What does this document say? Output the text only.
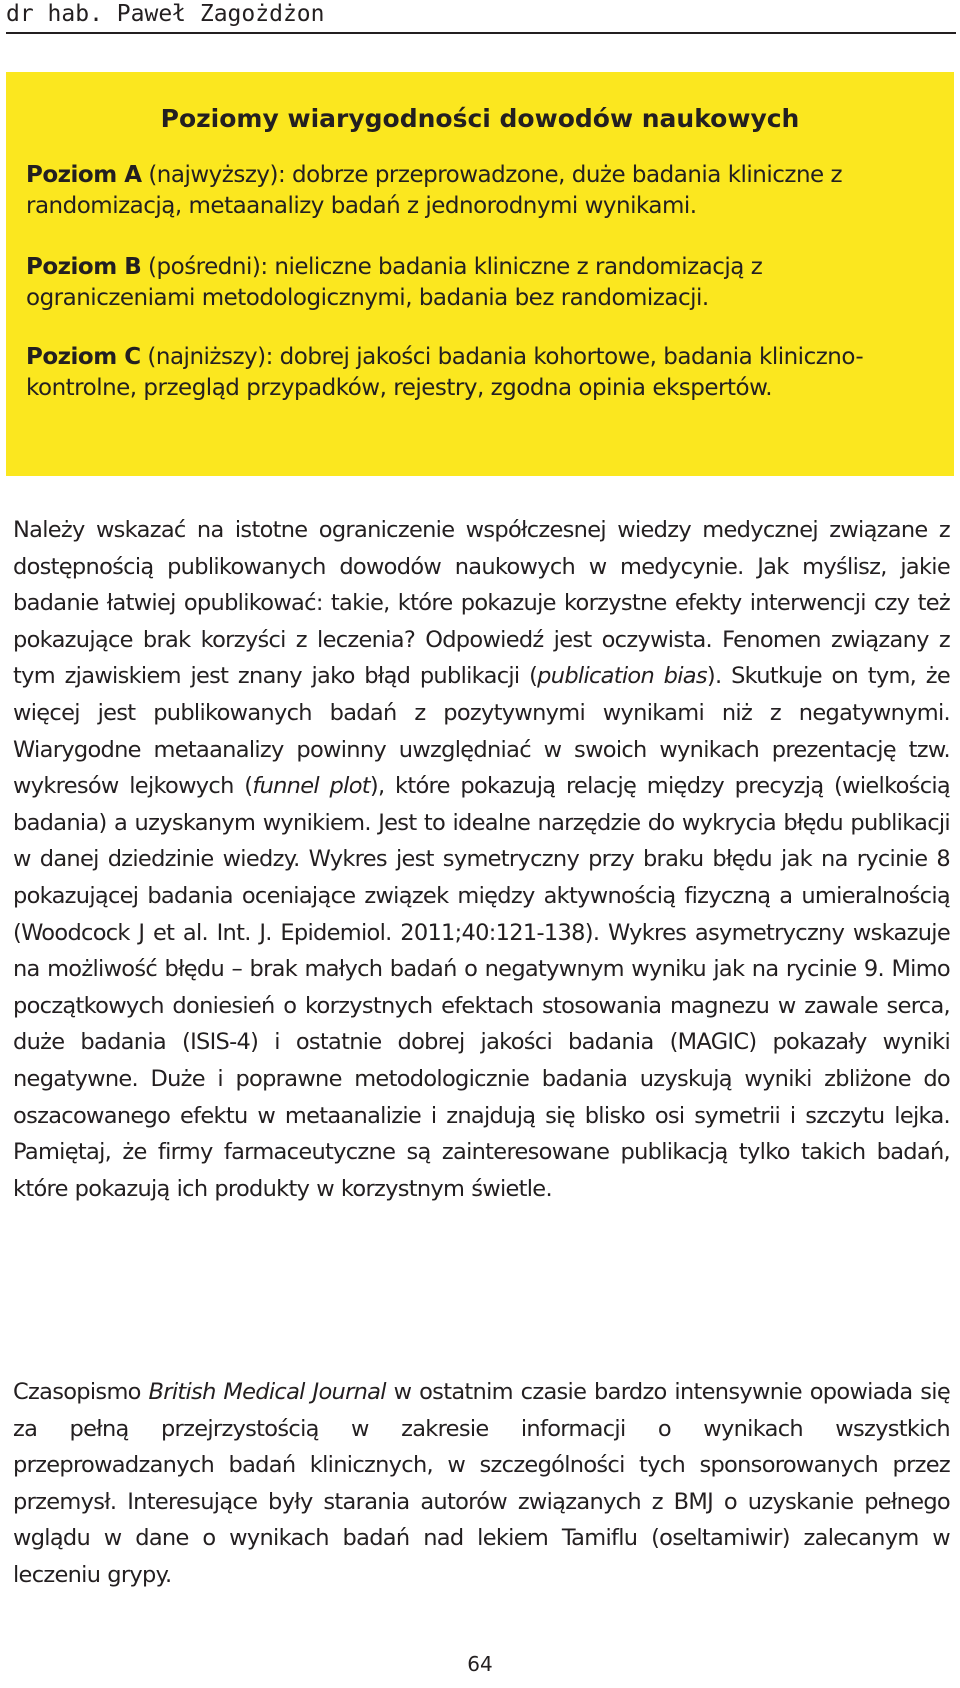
dr hab. Paweł Zagożdżon
Poziomy wiarygodności dowodów naukowych

Poziom A (najwyższy): dobrze przeprowadzone, duże badania kliniczne z randomizacją, metaanalizy badań z jednorodnymi wynikami.

Poziom B (pośredni): nieliczne badania kliniczne z randomizacją z ograniczeniami metodologicznymi, badania bez randomizacji.

Poziom C (najniższy): dobrej jakości badania kohortowe, badania kliniczno-kontrolne, przegląd przypadków, rejestry, zgodna opinia ekspertów.

Należy wskazać na istotne ograniczenie współczesnej wiedzy medycznej związane z dostępnością publikowanych dowodów naukowych w medycynie. Jak myślisz, jakie badanie łatwiej opublikować: takie, które pokazuje korzystne efekty interwencji czy też pokazujące brak korzyści z leczenia? Odpowiedź jest oczywista. Fenomen związany z tym zjawiskiem jest znany jako błąd publikacji (publication bias). Skutkuje on tym, że więcej jest publikowanych badań z pozytywnymi wynikami niż z negatywnymi. Wiarygodne metaanalizy powinny uwzględniać w swoich wynikach prezentację tzw. wykresów lejkowych (funnel plot), które pokazują relację między precyzją (wielkością badania) a uzyskanym wynikiem. Jest to idealne narzędzie do wykrycia błędu publikacji w danej dziedzinie wiedzy. Wykres jest symetryczny przy braku błędu jak na rycinie 8 pokazującej badania oceniające związek między aktywnością fizyczną a umieralnością (Woodcock J et al. Int. J. Epidemiol. 2011;40:121-138). Wykres asymetryczny wskazuje na możliwość błędu – brak małych badań o negatywnym wyniku jak na rycinie 9. Mimo początkowych doniesień o korzystnych efektach stosowania magnezu w zawale serca, duże badania (ISIS-4) i ostatnie dobrej jakości badania (MAGIC) pokazały wyniki negatywne. Duże i poprawne metodologicznie badania uzyskują wyniki zbliżone do oszacowanego efektu w metaanalizie i znajdują się blisko osi symetrii i szczytu lejka. Pamiętaj, że firmy farmaceutyczne są zainteresowane publikacją tylko takich badań, które pokazują ich produkty w korzystnym świetle.

Czasopismo British Medical Journal w ostatnim czasie bardzo intensywnie opowiada się za pełną przejrzystością w zakresie informacji o wynikach wszystkich przeprowadzanych badań klinicznych, w szczególności tych sponsorowanych przez przemysł. Interesujące były starania autorów związanych z BMJ o uzyskanie pełnego wglądu w dane o wynikach badań nad lekiem Tamiflu (oseltamiwir) zalecanym w leczeniu grypy.

64
